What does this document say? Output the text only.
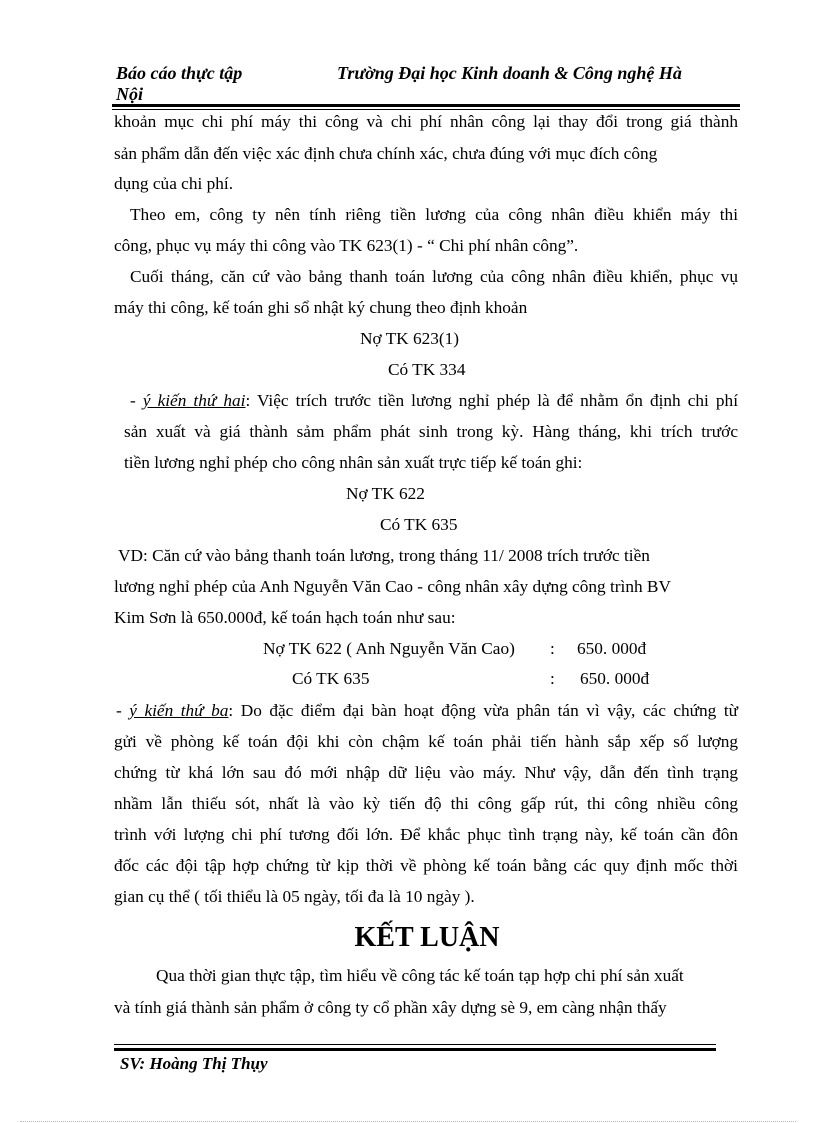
Báo cáo thực tập	Trường Đại học Kinh doanh & Công nghệ Hà
Nội
khoản mục chi phí máy thi công và chi phí nhân công lại thay đổi trong giá thành
sản phẩm dẫn đến việc xác định chưa chính xác, chưa đúng với mục đích công
dụng của chi phí.
Theo em, công ty nên tính riêng tiền lương của công nhân điều khiển máy thi
công, phục vụ máy thi công vào TK 623(1) - “ Chi phí nhân công”.
Cuối tháng, căn cứ vào bảng thanh toán lương của công nhân điều khiển, phục vụ
máy thi công, kế toán ghi sổ nhật ký chung theo định khoản
Nợ TK 623(1)
Có TK 334
- ý kiến thứ hai: Việc trích trước tiền lương nghỉ phép là để nhằm ổn định chi phí
sản xuất và giá thành sảm phẩm phát sinh trong kỳ. Hàng tháng, khi trích trước
tiền lương nghỉ phép cho công nhân sản xuất trực tiếp kế toán ghi:
Nợ TK 622
Có TK 635
VD: Căn cứ vào bảng thanh toán lương, trong tháng 11/ 2008 trích trước tiền
lương nghỉ phép của Anh Nguyễn Văn Cao - công nhân xây dựng công trình BV
Kim Sơn là 650.000đ, kế toán hạch toán như sau:
Nợ TK 622 ( Anh Nguyễn Văn Cao) : 650. 000đ
Có TK 635	: 650. 000đ
- ý kiến thứ ba: Do đặc điểm đại bàn hoạt động vừa phân tán vì vậy, các chứng từ
gửi về phòng kế toán đội khi còn chậm kế toán phải tiến hành sắp xếp số lượng
chứng từ khá lớn sau đó mới nhập dữ liệu vào máy. Như vậy, dẫn đến tình trạng
nhầm lẫn thiếu sót, nhất là vào kỳ tiến độ thi công gấp rút, thi công nhiều công
trình với lượng chi phí tương đối lớn. Để khắc phục tình trạng này, kế toán cần đôn
đốc các đội tập hợp chứng từ kịp thời về phòng kế toán bằng các quy định mốc thời
gian cụ thể ( tối thiểu là 05 ngày, tối đa là 10 ngày ).
KẾT LUẬN
Qua thời gian thực tập, tìm hiểu về công tác kế toán tạp hợp chi phí sản xuất
và tính giá thành sản phẩm ở công ty cổ phần xây dựng sè 9, em càng nhận thấy
SV: Hoàng Thị Thụy
